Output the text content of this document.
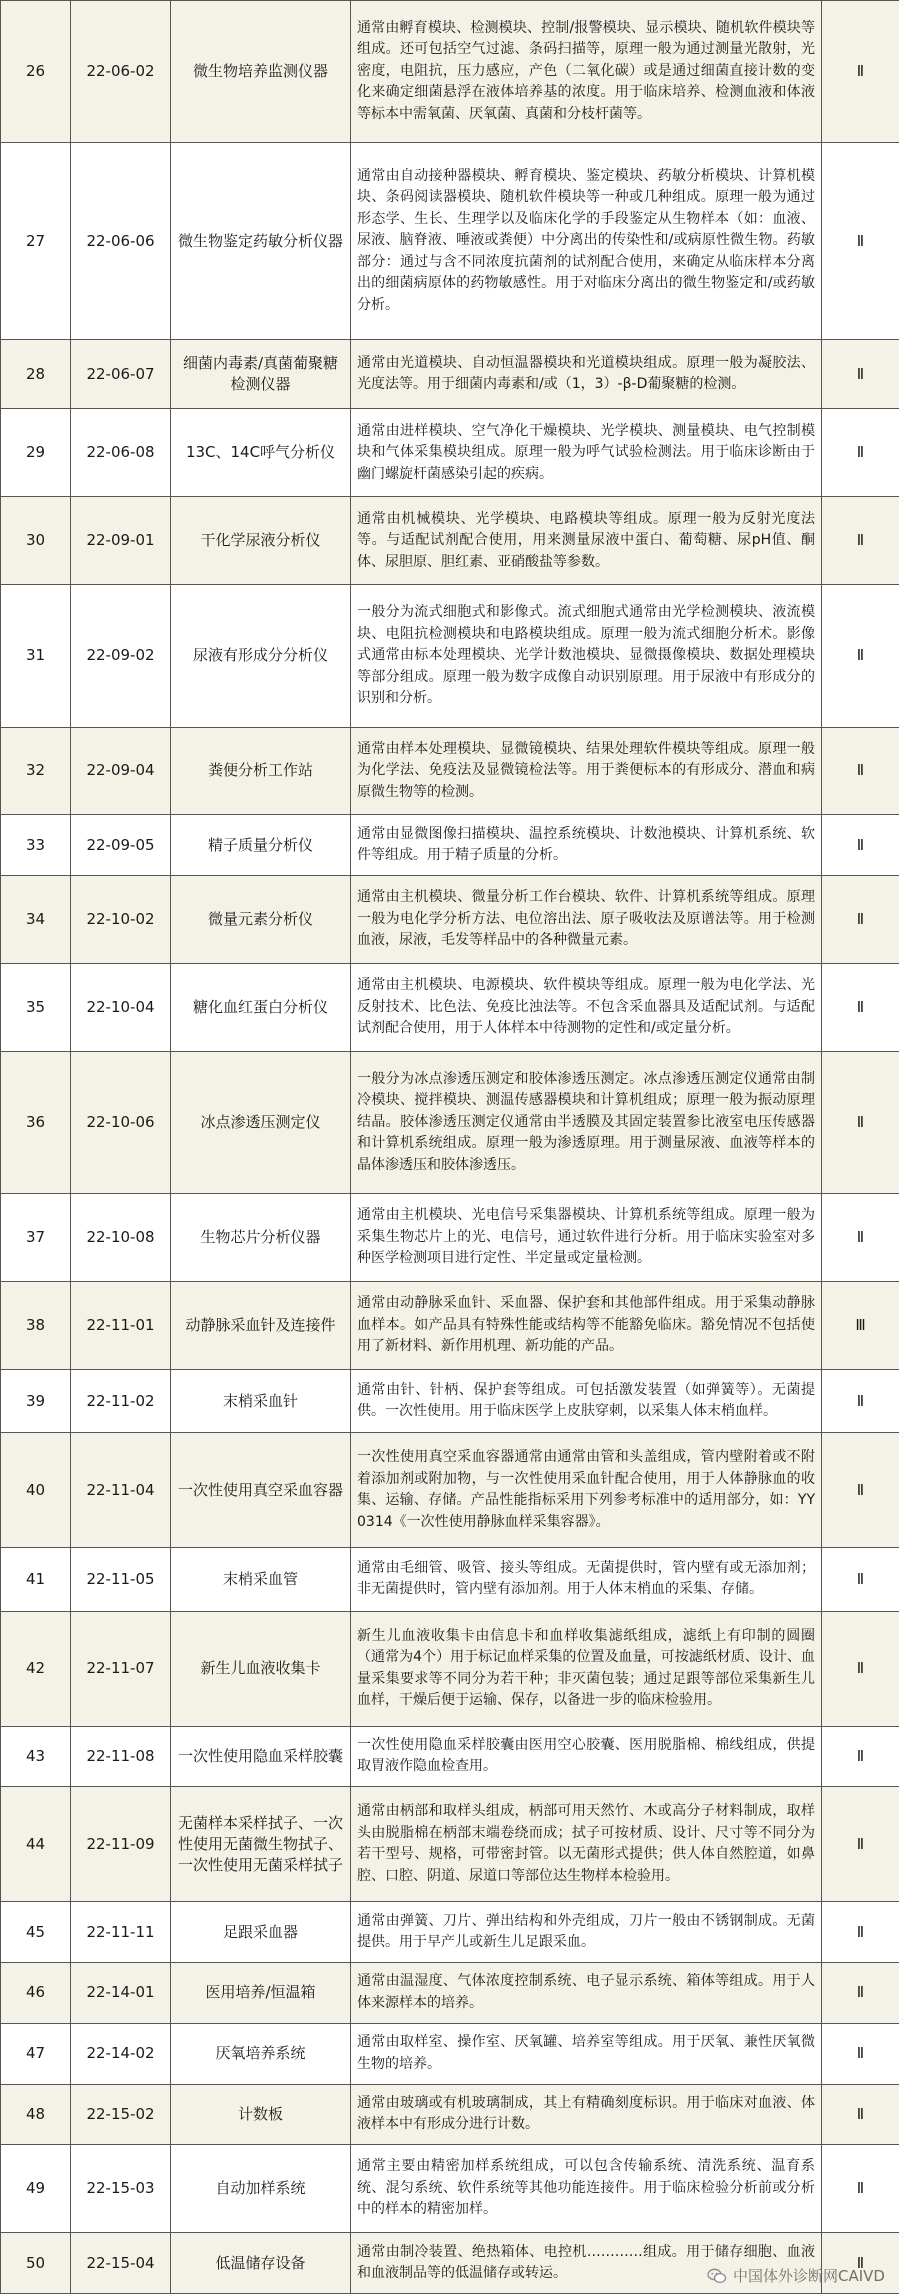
26	22-06-02	微生物培养监测仪器	通常由孵育模块、检测模块、控制/报警模块、显示模块、随机软件模块等组成。还可包括空气过滤、条码扫描等，原理一般为通过测量光散射，光密度，电阻抗，压力感应，产色（二氧化碳）或是通过细菌直接计数的变化来确定细菌悬浮在液体培养基的浓度。用于临床培养、检测血液和体液等标本中需氧菌、厌氧菌、真菌和分枝杆菌等。	Ⅱ
27	22-06-06	微生物鉴定药敏分析仪器	通常由自动接种器模块、孵育模块、鉴定模块、药敏分析模块、计算机模块、条码阅读器模块、随机软件模块等一种或几种组成。原理一般为通过形态学、生长、生理学以及临床化学的手段鉴定从生物样本（如：血液、尿液、脑脊液、唾液或粪便）中分离出的传染性和/或病原性微生物。药敏部分：通过与含不同浓度抗菌剂的试剂配合使用，来确定从临床样本分离出的细菌病原体的药物敏感性。用于对临床分离出的微生物鉴定和/或药敏分析。	Ⅱ
28	22-06-07	细菌内毒素/真菌葡聚糖检测仪器	通常由光道模块、自动恒温器模块和光道模块组成。原理一般为凝胶法、光度法等。用于细菌内毒素和/或（1，3）-β-D葡聚糖的检测。	Ⅱ
29	22-06-08	13C、14C呼气分析仪	通常由进样模块、空气净化干燥模块、光学模块、测量模块、电气控制模块和气体采集模块组成。原理一般为呼气试验检测法。用于临床诊断由于幽门螺旋杆菌感染引起的疾病。	Ⅱ
30	22-09-01	干化学尿液分析仪	通常由机械模块、光学模块、电路模块等组成。原理一般为反射光度法等。与适配试剂配合使用，用来测量尿液中蛋白、葡萄糖、尿pH值、酮体、尿胆原、胆红素、亚硝酸盐等参数。	Ⅱ
31	22-09-02	尿液有形成分分析仪	一般分为流式细胞式和影像式。流式细胞式通常由光学检测模块、液流模块、电阻抗检测模块和电路模块组成。原理一般为流式细胞分析术。影像式通常由标本处理模块、光学计数池模块、显微摄像模块、数据处理模块等部分组成。原理一般为数字成像自动识别原理。用于尿液中有形成分的识别和分析。	Ⅱ
32	22-09-04	粪便分析工作站	通常由样本处理模块、显微镜模块、结果处理软件模块等组成。原理一般为化学法、免疫法及显微镜检法等。用于粪便标本的有形成分、潜血和病原微生物等的检测。	Ⅱ
33	22-09-05	精子质量分析仪	通常由显微图像扫描模块、温控系统模块、计数池模块、计算机系统、软件等组成。用于精子质量的分析。	Ⅱ
34	22-10-02	微量元素分析仪	通常由主机模块、微量分析工作台模块、软件、计算机系统等组成。原理一般为电化学分析方法、电位溶出法、原子吸收法及原谱法等。用于检测血液，尿液，毛发等样品中的各种微量元素。	Ⅱ
35	22-10-04	糖化血红蛋白分析仪	通常由主机模块、电源模块、软件模块等组成。原理一般为电化学法、光反射技术、比色法、免疫比浊法等。不包含采血器具及适配试剂。与适配试剂配合使用，用于人体样本中待测物的定性和/或定量分析。	Ⅱ
36	22-10-06	冰点渗透压测定仪	一般分为冰点渗透压测定和胶体渗透压测定。冰点渗透压测定仪通常由制冷模块、搅拌模块、测温传感器模块和计算机组成；原理一般为振动原理结晶。胶体渗透压测定仪通常由半透膜及其固定装置参比液室电压传感器和计算机系统组成。原理一般为渗透原理。用于测量尿液、血液等样本的晶体渗透压和胶体渗透压。	Ⅱ
37	22-10-08	生物芯片分析仪器	通常由主机模块、光电信号采集器模块、计算机系统等组成。原理一般为采集生物芯片上的光、电信号，通过软件进行分析。用于临床实验室对多种医学检测项目进行定性、半定量或定量检测。	Ⅱ
38	22-11-01	动静脉采血针及连接件	通常由动静脉采血针、采血器、保护套和其他部件组成。用于采集动静脉血样本。如产品具有特殊性能或结构等不能豁免临床。豁免情况不包括使用了新材料、新作用机理、新功能的产品。	Ⅲ
39	22-11-02	末梢采血针	通常由针、针柄、保护套等组成。可包括激发装置（如弹簧等）。无菌提供。一次性使用。用于临床医学上皮肤穿刺，以采集人体末梢血样。	Ⅱ
40	22-11-04	一次性使用真空采血容器	一次性使用真空采血容器通常由通常由管和头盖组成，管内壁附着或不附着添加剂或附加物，与一次性使用采血针配合使用，用于人体静脉血的收集、运输、存储。产品性能指标采用下列参考标准中的适用部分，如：YY 0314《一次性使用静脉血样采集容器》。	Ⅱ
41	22-11-05	末梢采血管	通常由毛细管、吸管、接头等组成。无菌提供时，管内壁有或无添加剂；非无菌提供时，管内壁有添加剂。用于人体末梢血的采集、存储。	Ⅱ
42	22-11-07	新生儿血液收集卡	新生儿血液收集卡由信息卡和血样收集滤纸组成，滤纸上有印制的圆圈（通常为4个）用于标记血样采集的位置及血量，可按滤纸材质、设计、血量采集要求等不同分为若干种；非灭菌包装；通过足跟等部位采集新生儿血样，干燥后便于运输、保存，以备进一步的临床检验用。	Ⅱ
43	22-11-08	一次性使用隐血采样胶囊	一次性使用隐血采样胶囊由医用空心胶囊、医用脱脂棉、棉线组成，供提取胃液作隐血检查用。	Ⅱ
44	22-11-09	无菌样本采样拭子、一次性使用无菌微生物拭子、一次性使用无菌采样拭子	通常由柄部和取样头组成，柄部可用天然竹、木或高分子材料制成，取样头由脱脂棉在柄部末端卷绕而成；拭子可按材质、设计、尺寸等不同分为若干型号、规格，可带密封管。以无菌形式提供；供人体自然腔道，如鼻腔、口腔、阴道、尿道口等部位达生物样本检验用。	Ⅱ
45	22-11-11	足跟采血器	通常由弹簧、刀片、弹出结构和外壳组成，刀片一般由不锈钢制成。无菌提供。用于早产儿或新生儿足跟采血。	Ⅱ
46	22-14-01	医用培养/恒温箱	通常由温湿度、气体浓度控制系统、电子显示系统、箱体等组成。用于人体来源样本的培养。	Ⅱ
47	22-14-02	厌氧培养系统	通常由取样室、操作室、厌氧罐、培养室等组成。用于厌氧、兼性厌氧微生物的培养。	Ⅱ
48	22-15-02	计数板	通常由玻璃或有机玻璃制成，其上有精确刻度标识。用于临床对血液、体液样本中有形成分进行计数。	Ⅱ
49	22-15-03	自动加样系统	通常主要由精密加样系统组成，可以包含传输系统、清洗系统、温育系统、混匀系统、软件系统等其他功能连接件。用于临床检验分析前或分析中的样本的精密加样。	Ⅱ
50	22-15-04	低温储存设备	通常由制冷装置、绝热箱体、电控机…………组成。用于储存细胞、血液和血液制品等的低温储存或转运。	Ⅱ
中国体外诊断网CAIVD
